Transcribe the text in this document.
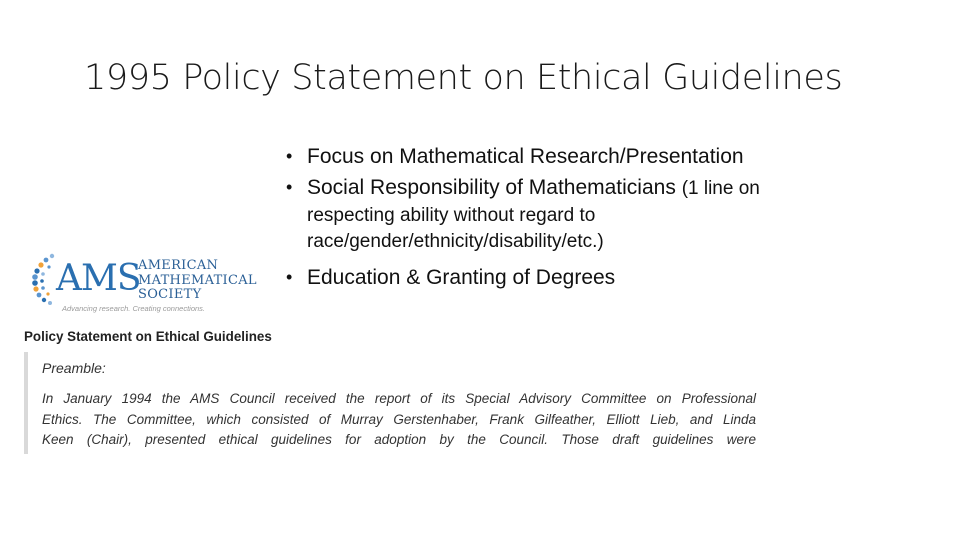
1995 Policy Statement on Ethical Guidelines
• Focus on Mathematical Research/Presentation
• Social Responsibility of Mathematicians (1 line on
respecting ability without regard to
race/gender/ethnicity/disability/etc.)
• Education & Granting of Degrees
AMS
AMERICAN
MATHEMATICAL
SOCIETY
Advancing research. Creating connections.
Policy Statement on Ethical Guidelines
Preamble:
In January 1994 the AMS Council received the report of its Special Advisory Committee on Professional
Ethics. The Committee, which consisted of Murray Gerstenhaber, Frank Gilfeather, Elliott Lieb, and Linda
Keen (Chair), presented ethical guidelines for adoption by the Council. Those draft guidelines were
